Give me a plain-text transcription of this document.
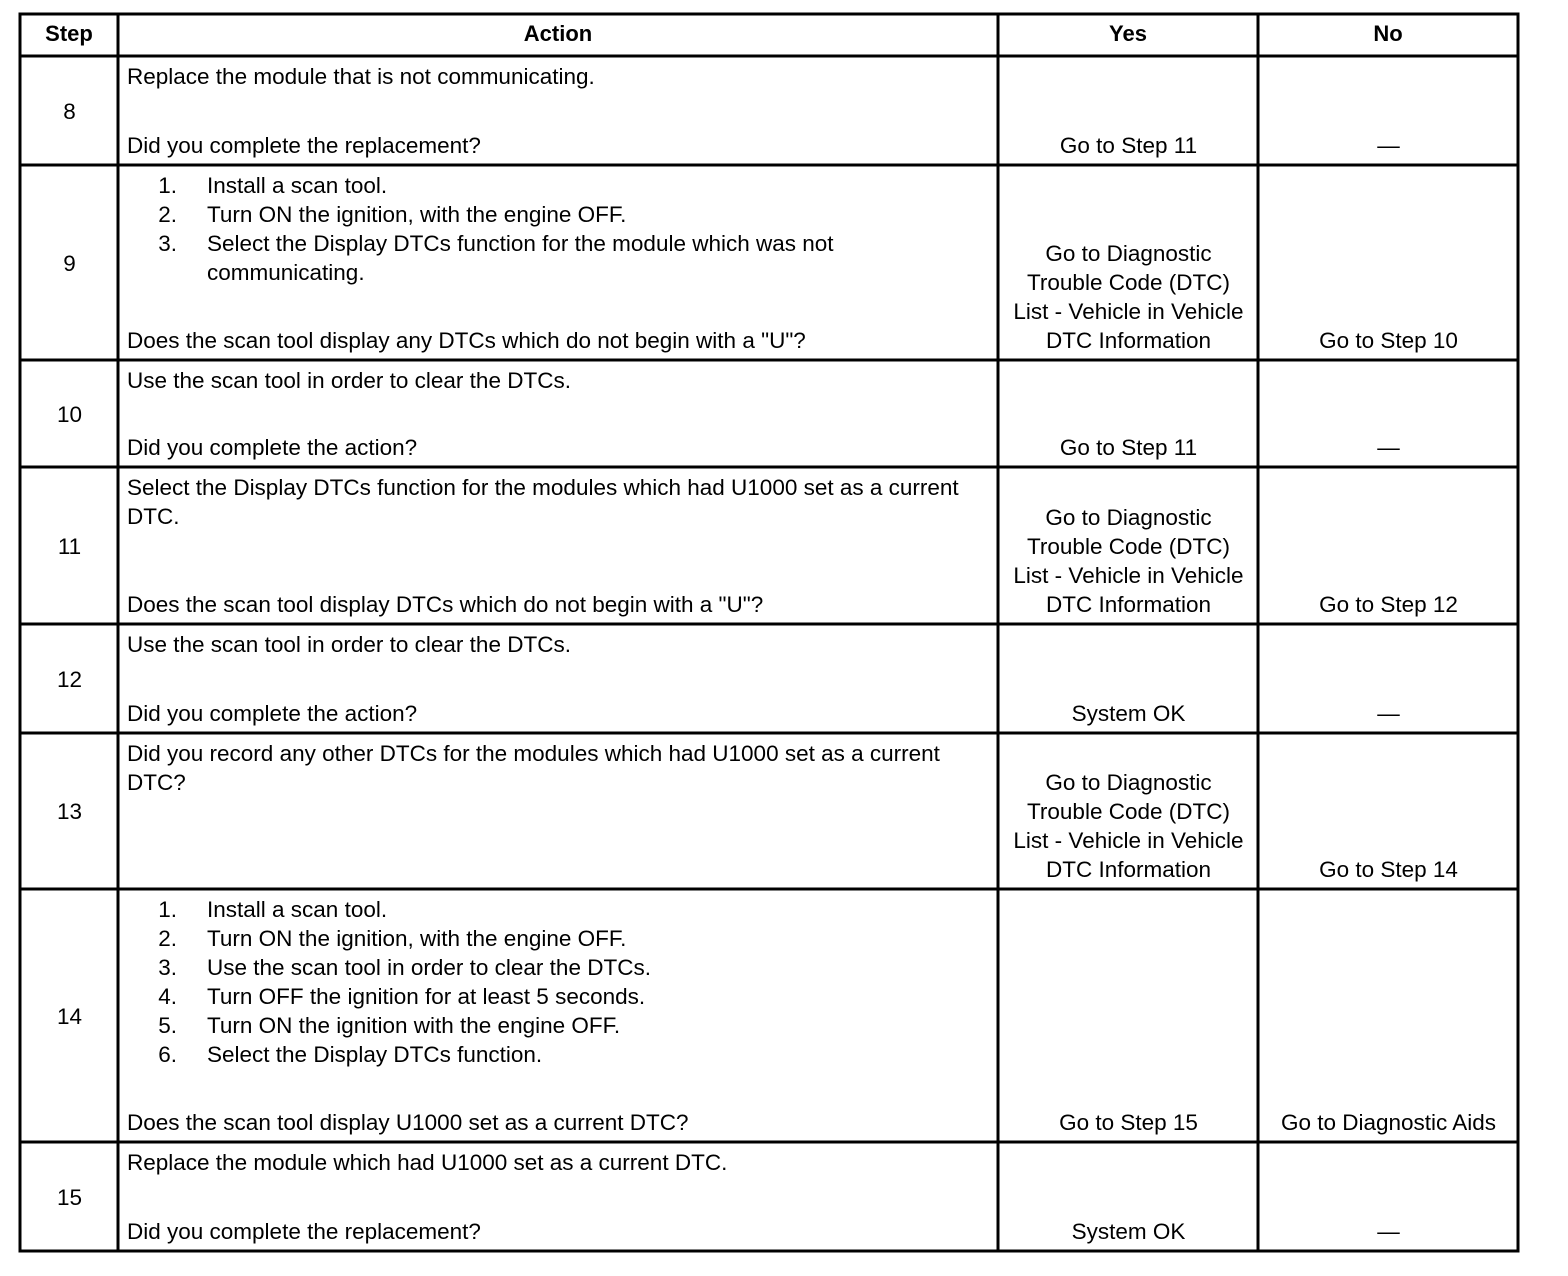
Step	Action	Yes	No
8
Replace the module that is not communicating.
Did you complete the replacement?	Go to Step 11	—
9
1.	Install a scan tool.
2.	Turn ON the ignition, with the engine OFF.
3.	Select the Display DTCs function for the module which was not communicating.
Does the scan tool display any DTCs which do not begin with a "U"?
Go to Diagnostic Trouble Code (DTC) List - Vehicle in Vehicle DTC Information	Go to Step 10
10
Use the scan tool in order to clear the DTCs.
Did you complete the action?	Go to Step 11	—
11
Select the Display DTCs function for the modules which had U1000 set as a current DTC.
Does the scan tool display DTCs which do not begin with a "U"?
Go to Diagnostic Trouble Code (DTC) List - Vehicle in Vehicle DTC Information	Go to Step 12
12
Use the scan tool in order to clear the DTCs.
Did you complete the action?	System OK	—
13
Did you record any other DTCs for the modules which had U1000 set as a current DTC?	Go to Diagnostic Trouble Code (DTC) List - Vehicle in Vehicle DTC Information	Go to Step 14
14
1.	Install a scan tool.
2.	Turn ON the ignition, with the engine OFF.
3.	Use the scan tool in order to clear the DTCs.
4.	Turn OFF the ignition for at least 5 seconds.
5.	Turn ON the ignition with the engine OFF.
6.	Select the Display DTCs function.
Does the scan tool display U1000 set as a current DTC?	Go to Step 15	Go to Diagnostic Aids
15
Replace the module which had U1000 set as a current DTC.
Did you complete the replacement?	System OK	—
